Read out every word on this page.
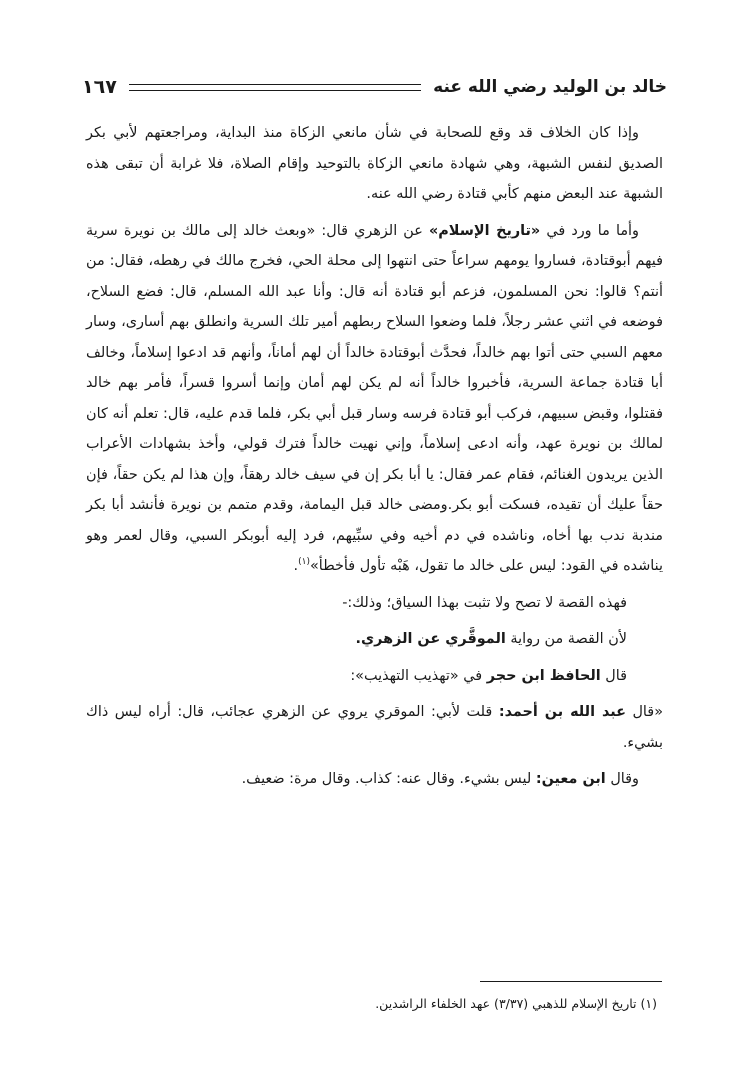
خالد بن الوليد رضي الله عنه
١٦٧

وإذا كان الخلاف قد وقع للصحابة في شأن مانعي الزكاة منذ البداية، ومراجعتهم لأبي بكر الصديق لنفس الشبهة، وهي شهادة مانعي الزكاة بالتوحيد وإقام الصلاة، فلا غرابة أن تبقى هذه الشبهة عند البعض منهم كأبي قتادة رضي الله عنه.

وأما ما ورد في «تاريخ الإسلام» عن الزهري قال: «وبعث خالد إلى مالك بن نويرة سرية فيهم أبوقتادة، فساروا يومهم سراعاً حتى انتهوا إلى محلة الحي، فخرج مالك في رهطه، فقال: من أنتم؟ قالوا: نحن المسلمون، فزعم أبو قتادة أنه قال: وأنا عبد الله المسلم، قال: فضع السلاح، فوضعه في اثني عشر رجلاً، فلما وضعوا السلاح ربطهم أمير تلك السرية وانطلق بهم أسارى، وسار معهم السبي حتى أتوا بهم خالداً، فحدَّث أبوقتادة خالداً أن لهم أماناً، وأنهم قد ادعوا إسلاماً، وخالف أبا قتادة جماعة السرية، فأخبروا خالداً أنه لم يكن لهم أمان وإنما أسروا قسراً، فأمر بهم خالد فقتلوا، وقبض سبيهم، فركب أبو قتادة فرسه وسار قبل أبي بكر، فلما قدم عليه، قال: تعلم أنه كان لمالك بن نويرة عهد، وأنه ادعى إسلاماً، وإني نهيت خالداً فترك قولي، وأخذ بشهادات الأعراب الذين يريدون الغنائم، فقام عمر فقال: يا أبا بكر إن في سيف خالد رهقاً، وإن هذا لم يكن حقاً، فإن حقاً عليك أن تقيده، فسكت أبو بكر.ومضى خالد قبل اليمامة، وقدم متمم بن نويرة فأنشد أبا بكر مندبة ندب بها أخاه، وناشده في دم أخيه وفي سبِّيهم، فرد إليه أبوبكر السبي، وقال لعمر وهو يناشده في القود: ليس على خالد ما تقول، هَبْه تأول فأخطأ»$^{(١)}$.

فهذه القصة لا تصح ولا تثبت بهذا السياق؛ وذلك:-

لأن القصة من رواية الموقَّري عن الزهري.

قال الحافظ ابن حجر في «تهذيب التهذيب»:

«قال عبد الله بن أحمد: قلت لأبي: الموقري يروي عن الزهري عجائب، قال: أراه ليس ذاك بشيء.

وقال ابن معين: ليس بشيء. وقال عنه: كذاب. وقال مرة: ضعيف.

(١) تاريخ الإسلام للذهبي (٣/٣٧) عهد الخلفاء الراشدين.
